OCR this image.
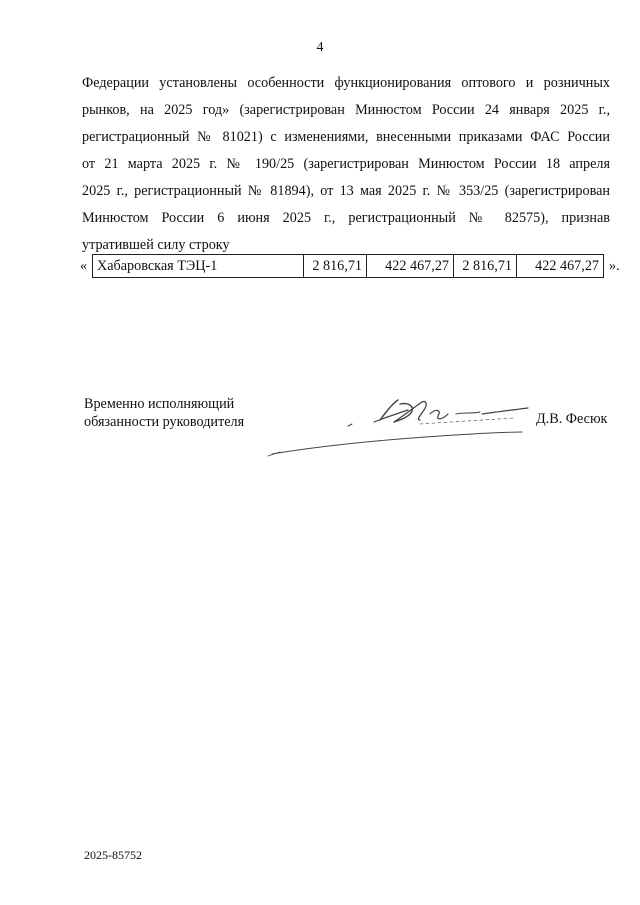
4
Федерации установлены особенности функционирования оптового и розничных
рынков, на 2025 год» (зарегистрирован Минюстом России 24 января 2025 г.,
регистрационный № 81021) с изменениями, внесенными приказами ФАС России
от 21 марта 2025 г. № 190/25 (зарегистрирован Минюстом России 18 апреля
2025 г., регистрационный № 81894), от 13 мая 2025 г. № 353/25 (зарегистрирован
Минюстом России 6 июня 2025 г., регистрационный № 82575), признав
утратившей силу строку
« Хабаровская ТЭЦ-1	2 816,71	422 467,27	2 816,71	422 467,27 ».
Временно исполняющий
обязанности руководителя	Д.В. Фесюк
2025-85752
